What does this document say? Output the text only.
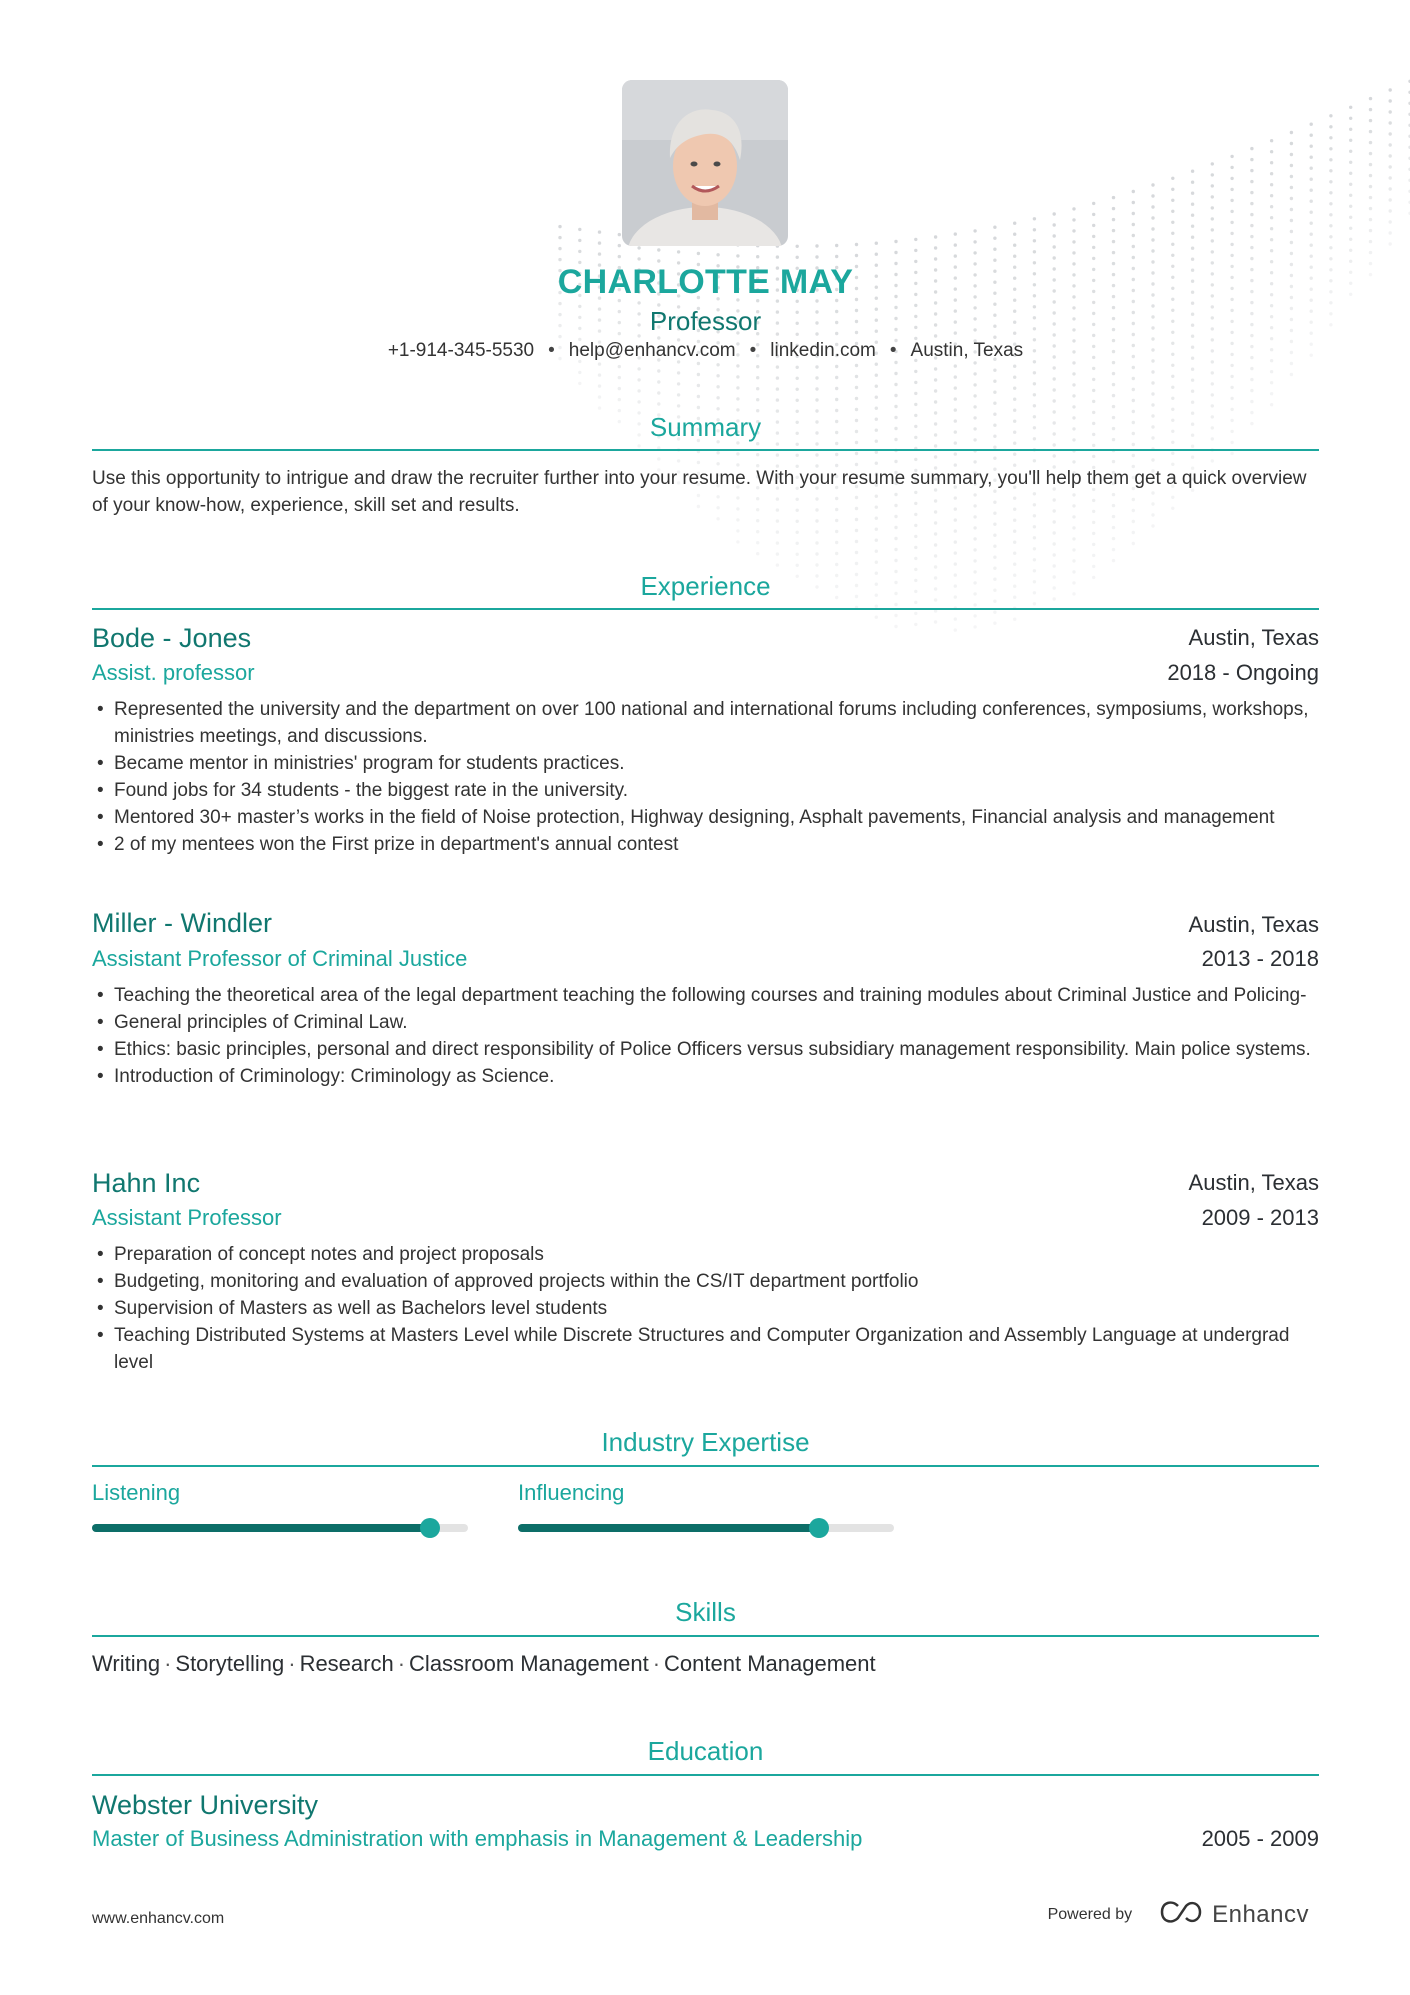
CHARLOTTE MAY
Professor
+1-914-345-5530 • help@enhancv.com • linkedin.com • Austin, Texas
Summary
Use this opportunity to intrigue and draw the recruiter further into your resume. With your resume summary, you'll help them get a quick overview of your know-how, experience, skill set and results.
Experience
Bode - Jones	Austin, Texas
Assist. professor	2018 - Ongoing
• Represented the university and the department on over 100 national and international forums including conferences, symposiums, workshops, ministries meetings, and discussions.
• Became mentor in ministries' program for students practices.
• Found jobs for 34 students - the biggest rate in the university.
• Mentored 30+ master’s works in the field of Noise protection, Highway designing, Asphalt pavements, Financial analysis and management
• 2 of my mentees won the First prize in department's annual contest
Miller - Windler	Austin, Texas
Assistant Professor of Criminal Justice	2013 - 2018
• Teaching the theoretical area of the legal department teaching the following courses and training modules about Criminal Justice and Policing-
• General principles of Criminal Law.
• Ethics: basic principles, personal and direct responsibility of Police Officers versus subsidiary management responsibility. Main police systems.
• Introduction of Criminology: Criminology as Science.
Hahn Inc	Austin, Texas
Assistant Professor	2009 - 2013
• Preparation of concept notes and project proposals
• Budgeting, monitoring and evaluation of approved projects within the CS/IT department portfolio
• Supervision of Masters as well as Bachelors level students
• Teaching Distributed Systems at Masters Level while Discrete Structures and Computer Organization and Assembly Language at undergrad level
Industry Expertise
Listening	Influencing
Skills
Writing · Storytelling · Research · Classroom Management · Content Management
Education
Webster University
Master of Business Administration with emphasis in Management & Leadership	2005 - 2009
www.enhancv.com	Powered by	Enhancv
